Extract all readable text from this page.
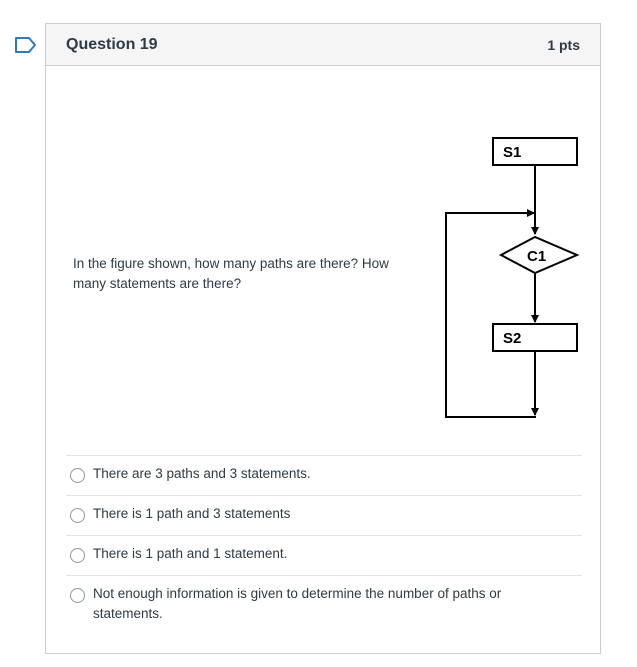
Question 19	1 pts
In the figure shown, how many paths are there? How many statements are there?
S1
C1
S2
There are 3 paths and 3 statements.
There is 1 path and 3 statements
There is 1 path and 1 statement.
Not enough information is given to determine the number of paths or statements.
